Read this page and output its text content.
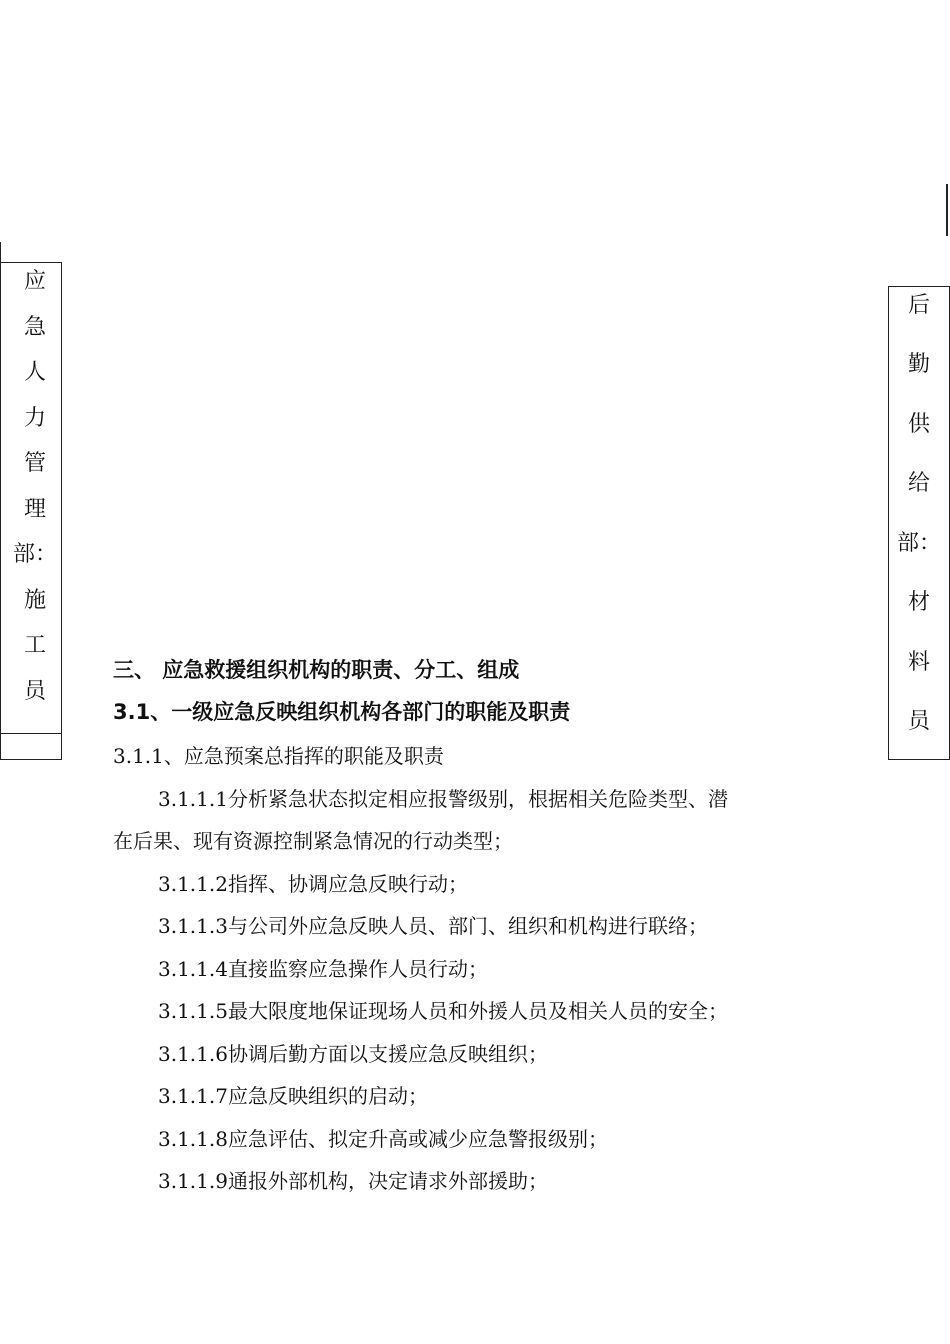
应
急
人
力
管
理
部：
施
工
员
后
勤
供
给
部：
材
料
员
三、 应急救援组织机构的职责、分工、组成
3.1、一级应急反映组织机构各部门的职能及职责
3.1.1、应急预案总指挥的职能及职责
3.1.1.1分析紧急状态拟定相应报警级别，根据相关危险类型、潜
在后果、现有资源控制紧急情况的行动类型；
3.1.1.2指挥、协调应急反映行动；
3.1.1.3与公司外应急反映人员、部门、组织和机构进行联络；
3.1.1.4直接监察应急操作人员行动；
3.1.1.5最大限度地保证现场人员和外援人员及相关人员的安全；
3.1.1.6协调后勤方面以支援应急反映组织；
3.1.1.7应急反映组织的启动；
3.1.1.8应急评估、拟定升高或减少应急警报级别；
3.1.1.9通报外部机构，决定请求外部援助；
